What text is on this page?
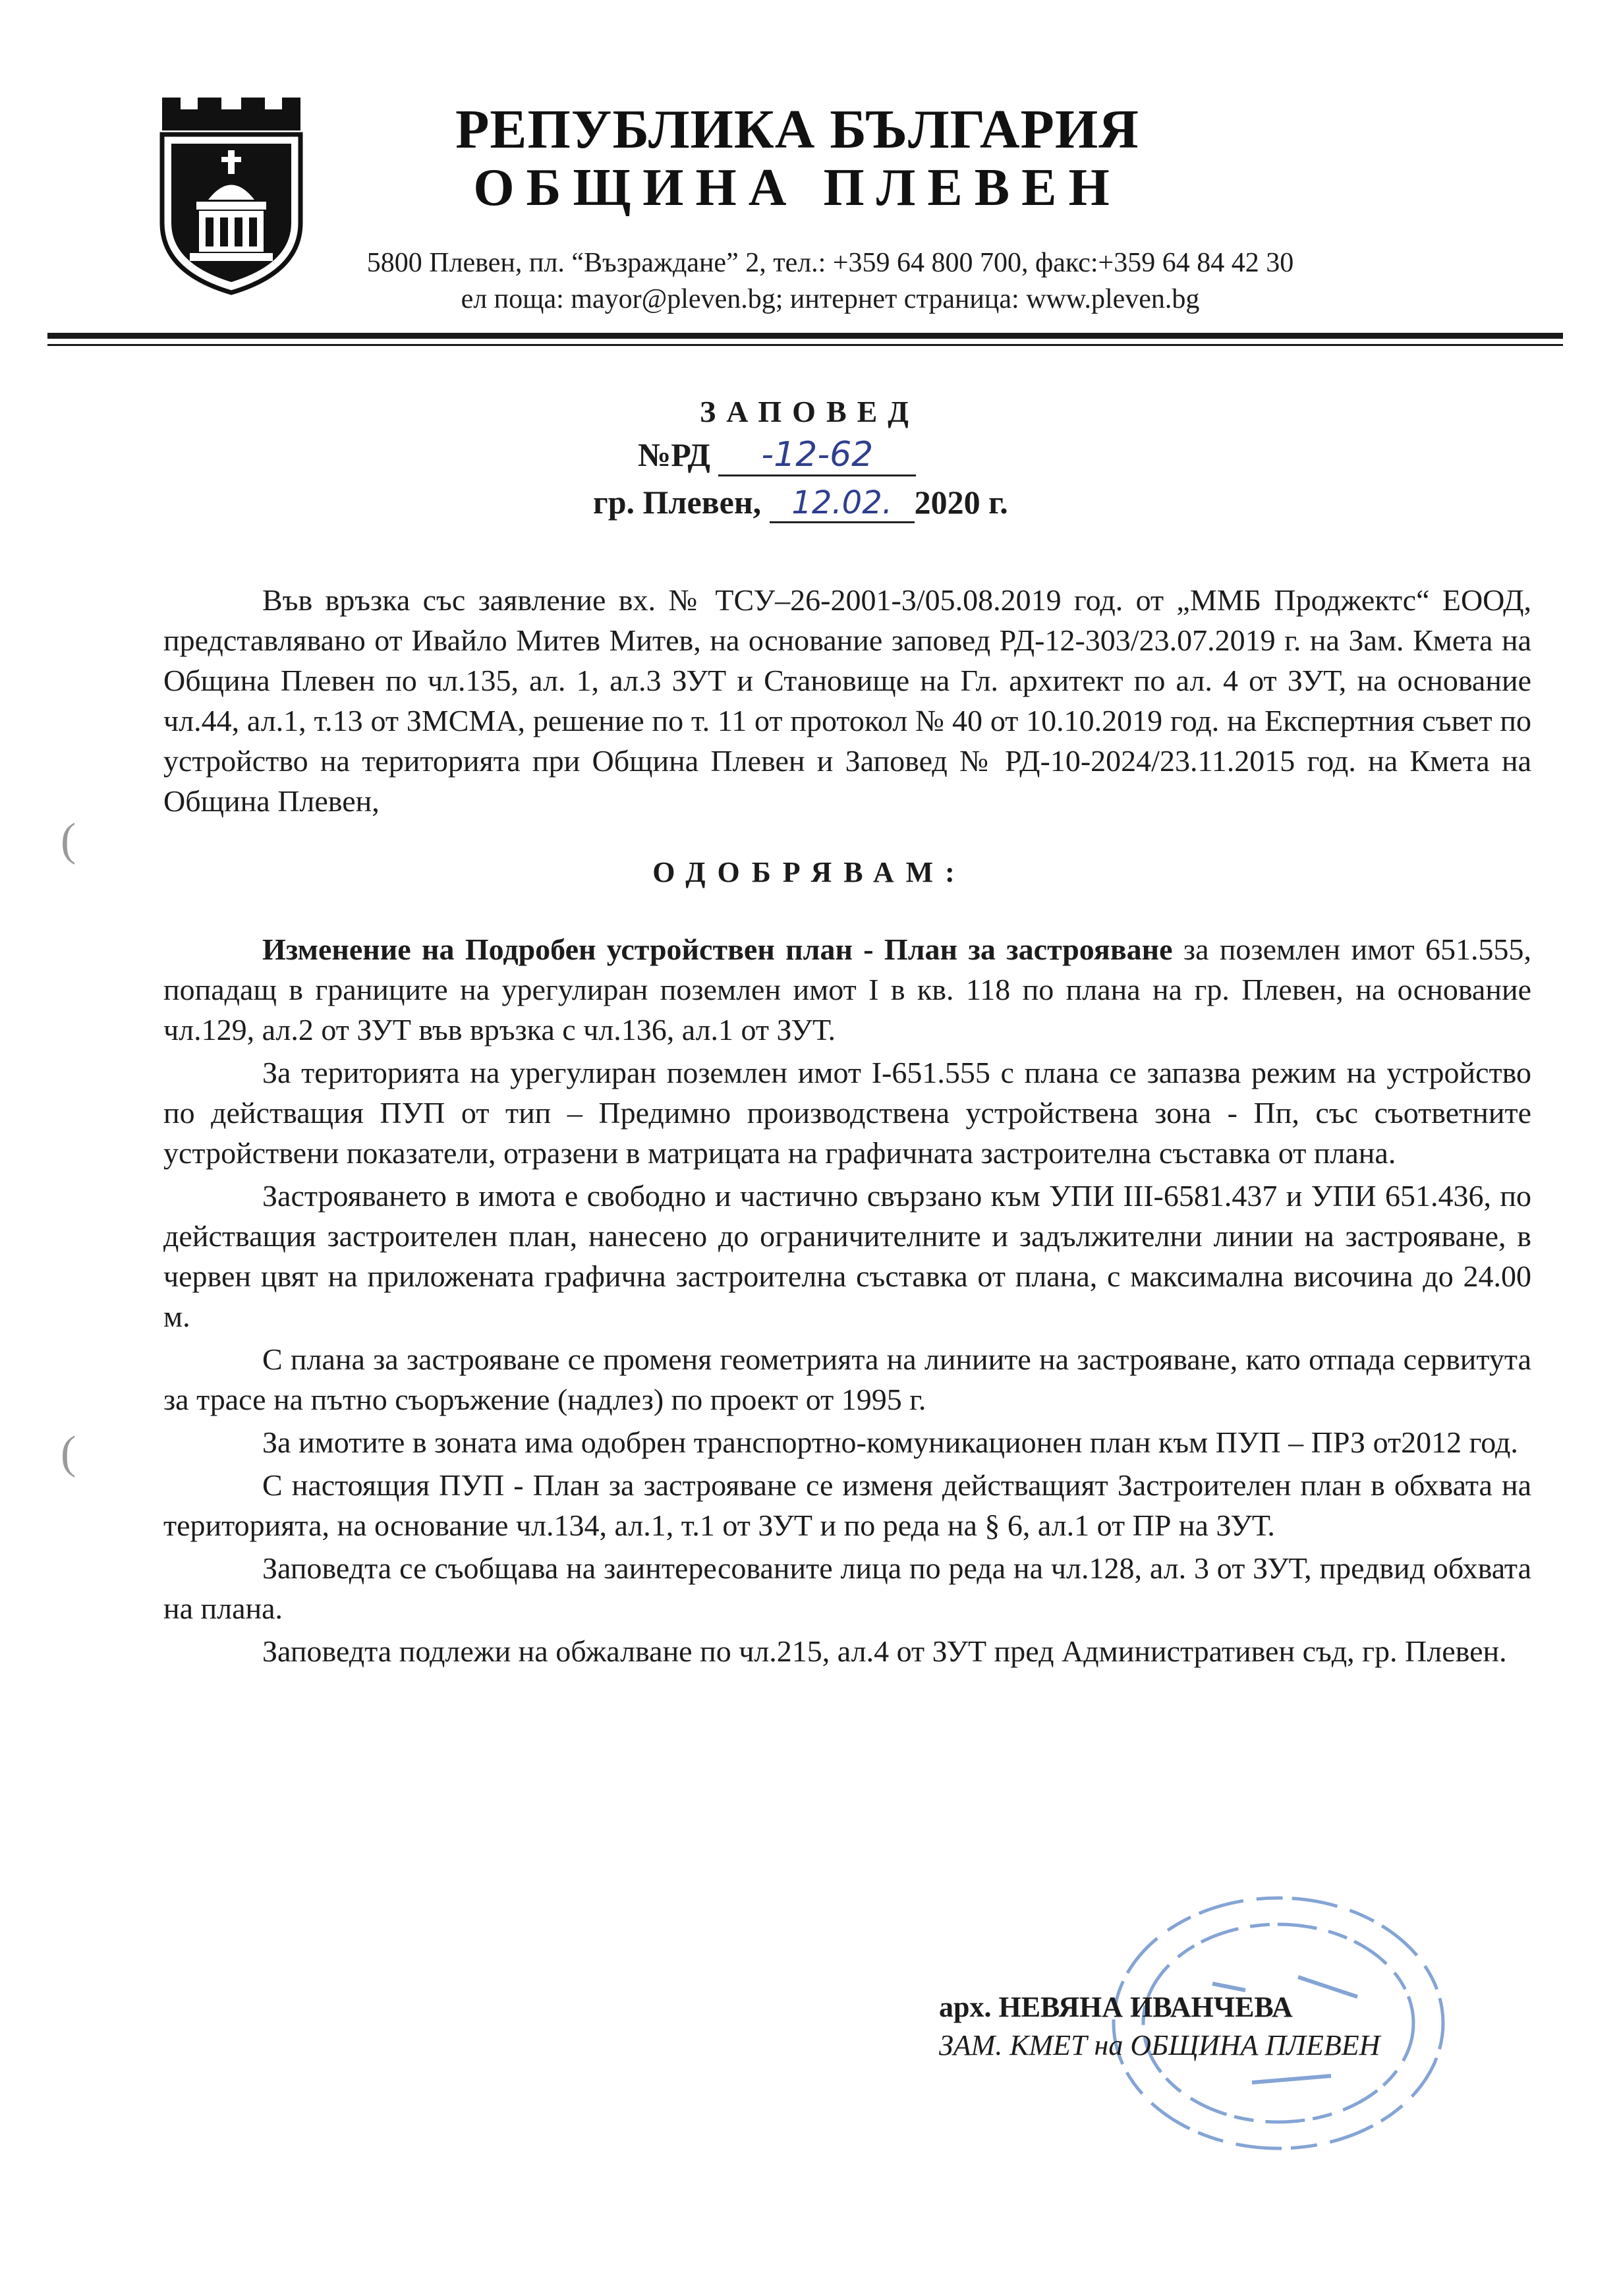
РЕПУБЛИКА БЪЛГАРИЯ
ОБЩИНА ПЛЕВЕН
5800 Плевен, пл. “Възраждане” 2, тел.: +359 64 800 700, факс:+359 64 84 42 30
ел поща: mayor@pleven.bg; интернет страница: www.pleven.bg
ЗАПОВЕД
№РД -12-62
гр. Плевен, 12.02. 2020 г.

Във връзка със заявление вх. № ТСУ–26-2001-3/05.08.2019 год. от „ММБ Проджектс“ ЕООД, представлявано от Ивайло Митев Митев, на основание заповед РД-12-303/23.07.2019 г. на Зам. Кмета на Община Плевен по чл.135, ал. 1, ал.3 ЗУТ и Становище на Гл. архитект по ал. 4 от ЗУТ, на основание чл.44, ал.1, т.13 от ЗМСМА, решение по т. 11 от протокол № 40 от 10.10.2019 год. на Експертния съвет по устройство на територията при Община Плевен и Заповед № РД-10-2024/23.11.2015 год. на Кмета на Община Плевен,

ОДОБРЯВАМ:

Изменение на Подробен устройствен план - План за застрояване за поземлен имот 651.555, попадащ в границите на урегулиран поземлен имот I в кв. 118 по плана на гр. Плевен, на основание чл.129, ал.2 от ЗУТ във връзка с чл.136, ал.1 от ЗУТ.

За територията на урегулиран поземлен имот I-651.555 с плана се запазва режим на устройство по действащия ПУП от тип – Предимно производствена устройствена зона - Пп, със съответните устройствени показатели, отразени в матрицата на графичната застроителна съставка от плана.

Застрояването в имота е свободно и частично свързано към УПИ III-6581.437 и УПИ 651.436, по действащия застроителен план, нанесено до ограничителните и задължителни линии на застрояване, в червен цвят на приложената графична застроителна съставка от плана, с максимална височина до 24.00 м.

С плана за застрояване се променя геометрията на линиите на застрояване, като отпада сервитута за трасе на пътно съоръжение (надлез) по проект от 1995 г.

За имотите в зоната има одобрен транспортно-комуникационен план към ПУП – ПРЗ от2012 год.

С настоящия ПУП - План за застрояване се изменя действащият Застроителен план в обхвата на територията, на основание чл.134, ал.1, т.1 от ЗУТ и по реда на § 6, ал.1 от ПР на ЗУТ.

Заповедта се съобщава на заинтересованите лица по реда на чл.128, ал. 3 от ЗУТ, предвид обхвата на плана.

Заповедта подлежи на обжалване по чл.215, ал.4 от ЗУТ пред Административен съд, гр. Плевен.

арх. НЕВЯНА ИВАНЧЕВА
ЗАМ. КМЕТ на ОБЩИНА ПЛЕВЕН
(
(
